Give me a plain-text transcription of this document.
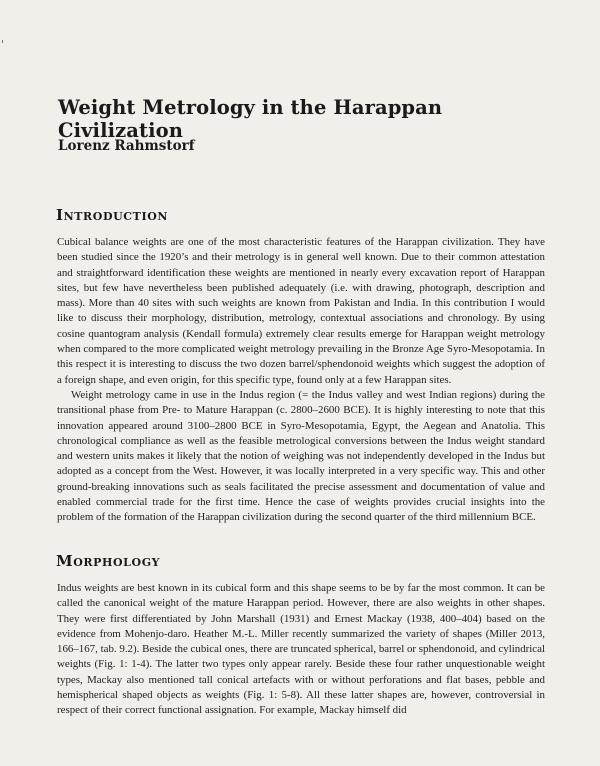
Weight Metrology in the Harappan Civilization
Lorenz Rahmstorf
Introduction

Cubical balance weights are one of the most characteristic features of the Harappan civilization. They have been studied since the 1920’s and their metrology is in general well known. Due to their common attestation and straightforward identification these weights are mentioned in nearly every excavation report of Harappan sites, but few have nevertheless been published adequately (i.e. with drawing, photograph, description and mass). More than 40 sites with such weights are known from Pakistan and India. In this contribution I would like to discuss their morphology, distribution, metrology, contextual associations and chronology. By using cosine quantogram analysis (Kendall formula) extremely clear results emerge for Harappan weight metrology when compared to the more complicated weight metrology prevailing in the Bronze Age Syro-Mesopotamia. In this respect it is interesting to discuss the two dozen barrel/sphendonoid weights which suggest the adoption of a foreign shape, and even origin, for this specific type, found only at a few Harappan sites.

Weight metrology came in use in the Indus region (= the Indus valley and west Indian regions) during the transitional phase from Pre- to Mature Harappan (c. 2800–2600 BCE). It is highly interesting to note that this innovation appeared around 3100–2800 BCE in Syro-Mesopotamia, Egypt, the Aegean and Anatolia. This chronological compliance as well as the feasible metrological conversions between the Indus weight standard and western units makes it likely that the notion of weighing was not independently developed in the Indus but adopted as a concept from the West. However, it was locally interpreted in a very specific way. This and other ground-breaking innovations such as seals facilitated the precise assessment and documentation of value and enabled commercial trade for the first time. Hence the case of weights provides crucial insights into the problem of the formation of the Harappan civilization during the second quarter of the third millennium BCE.

Morphology

Indus weights are best known in its cubical form and this shape seems to be by far the most common. It can be called the canonical weight of the mature Harappan period. However, there are also weights in other shapes. They were first differentiated by John Marshall (1931) and Ernest Mackay (1938, 400–404) based on the evidence from Mohenjo-daro. Heather M.-L. Miller recently summarized the variety of shapes (Miller 2013, 166–167, tab. 9.2). Beside the cubical ones, there are truncated spherical, barrel or sphendonoid, and cylindrical weights (Fig. 1: 1-4). The latter two types only appear rarely. Beside these four rather unquestionable weight types, Mackay also mentioned tall conical artefacts with or without perforations and flat bases, pebble and hemispherical shaped objects as weights (Fig. 1: 5-8). All these latter shapes are, however, controversial in respect of their correct functional assignation. For example, Mackay himself did
